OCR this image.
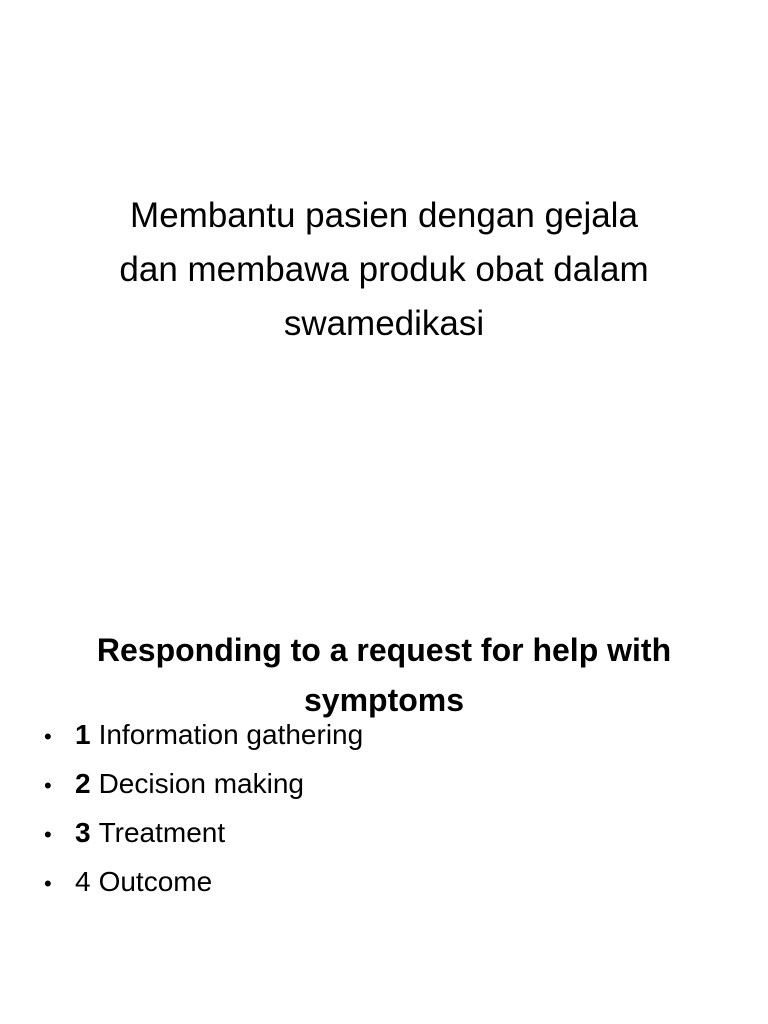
Membantu pasien dengan gejala
dan membawa produk obat dalam
swamedikasi
Responding to a request for help with
symptoms
• 1 Information gathering
• 2 Decision making
• 3 Treatment
• 4 Outcome
